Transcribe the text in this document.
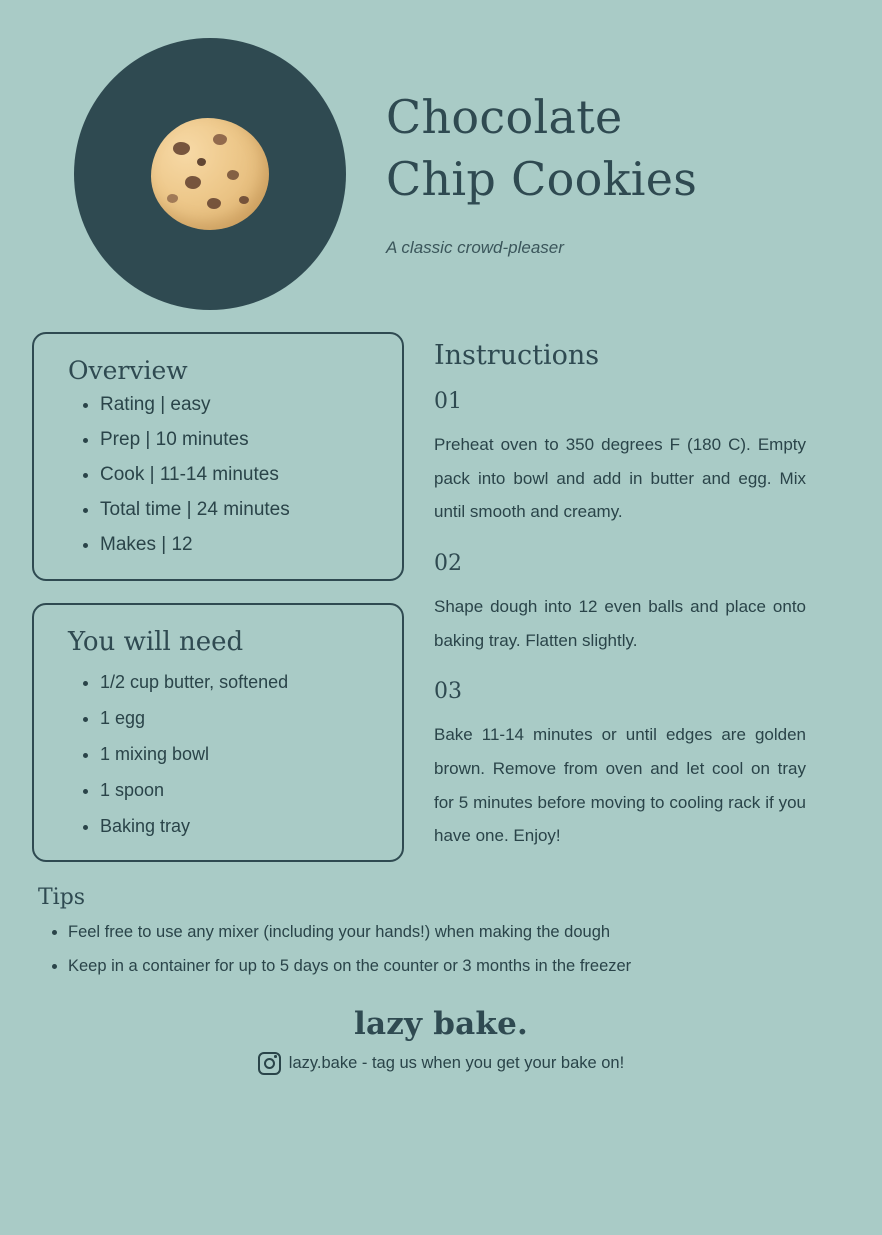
Chocolate
Chip Cookies
A classic crowd-pleaser
Overview
• Rating | easy
• Prep | 10 minutes
• Cook | 11-14 minutes
• Total time | 24 minutes
• Makes | 12
You will need
• 1/2 cup butter, softened
• 1 egg
• 1 mixing bowl
• 1 spoon
• Baking tray
Instructions
01
Preheat oven to 350 degrees F (180 C). Empty pack into bowl and add in butter and egg. Mix until smooth and creamy.
02
Shape dough into 12 even balls and place onto baking tray. Flatten slightly.
03
Bake 11-14 minutes or until edges are golden brown. Remove from oven and let cool on tray for 5 minutes before moving to cooling rack if you have one. Enjoy!
Tips
• Feel free to use any mixer (including your hands!) when making the dough
• Keep in a container for up to 5 days on the counter or 3 months in the freezer
lazy bake.
lazy.bake - tag us when you get your bake on!
